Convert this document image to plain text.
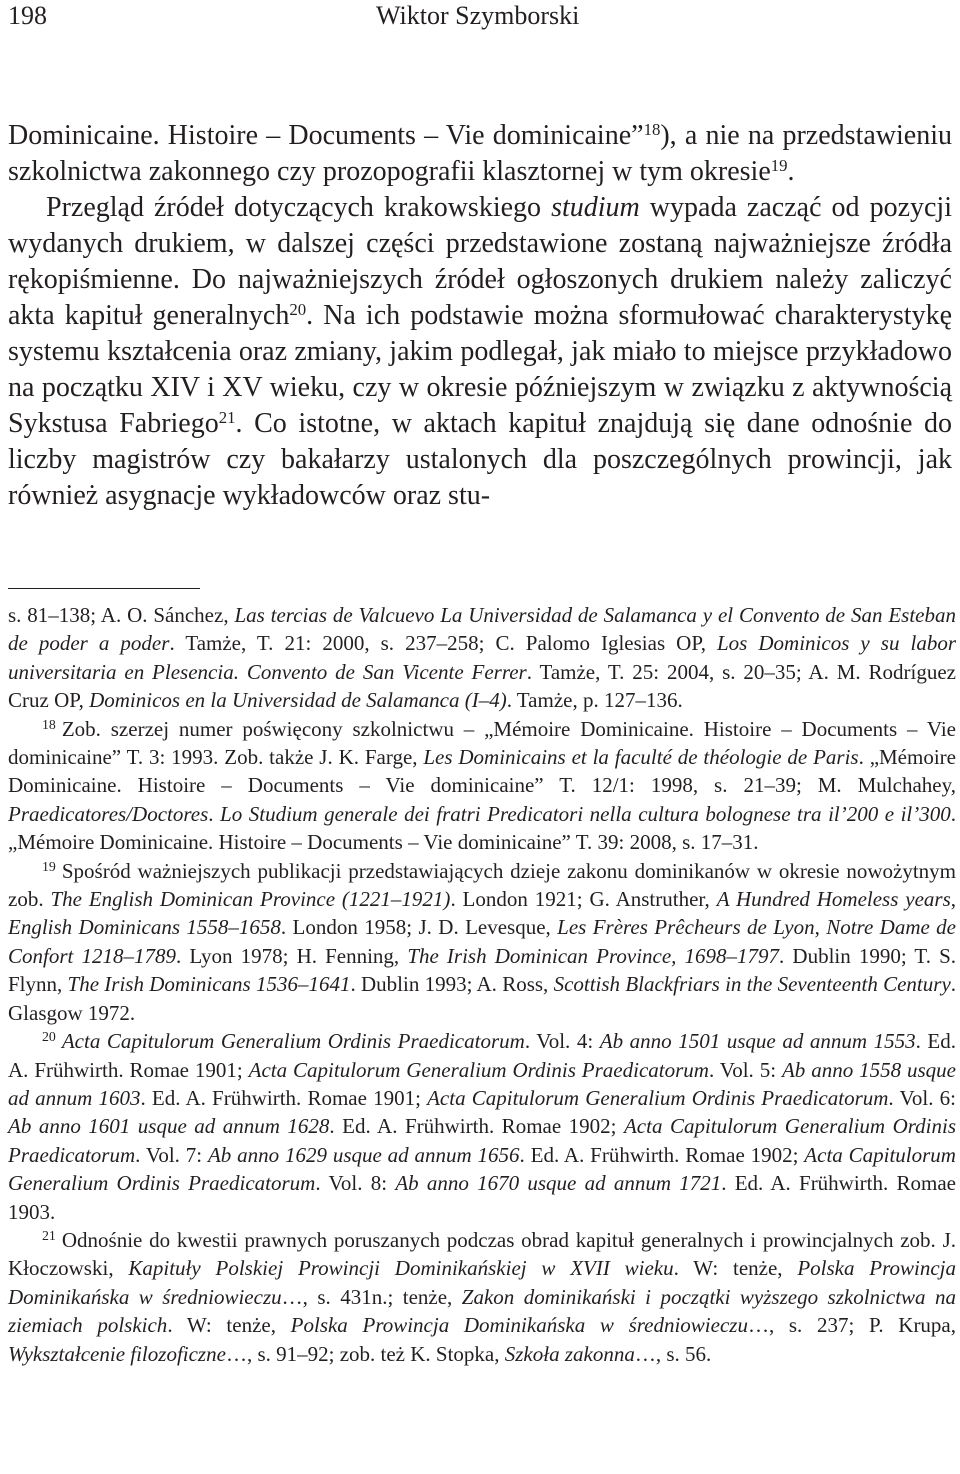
198	Wiktor Szymborski

Dominicaine. Histoire – Documents – Vie dominicaine”$^{18}$), a nie na przedstawieniu szkolnictwa zakonnego czy prozopografii klasztornej w tym okresie$^{19}$.

Przegląd źródeł dotyczących krakowskiego studium wypada zacząć od pozycji wydanych drukiem, w dalszej części przedstawione zostaną najważniejsze źródła rękopiśmienne. Do najważniejszych źródeł ogłoszonych drukiem należy zaliczyć akta kapituł generalnych$^{20}$. Na ich podstawie można sformułować charakterystykę systemu kształcenia oraz zmiany, jakim podlegał, jak miało to miejsce przykładowo na początku XIV i XV wieku, czy w okresie późniejszym w związku z aktywnością Sykstusa Fabriego$^{21}$. Co istotne, w aktach kapituł znajdują się dane odnośnie do liczby magistrów czy bakałarzy ustalonych dla poszczególnych prowincji, jak również asygnacje wykładowców oraz stu-

s. 81–138; A. O. Sánchez, Las tercias de Valcuevo La Universidad de Salamanca y el Convento de San Esteban de poder a poder. Tamże, T. 21: 2000, s. 237–258; C. Palomo Iglesias OP, Los Dominicos y su labor universitaria en Plesencia. Convento de San Vicente Ferrer. Tamże, T. 25: 2004, s. 20–35; A. M. Rodríguez Cruz OP, Dominicos en la Universidad de Salamanca (I–4). Tamże, p. 127–136.

18 Zob. szerzej numer poświęcony szkolnictwu – „Mémoire Dominicaine. Histoire – Documents – Vie dominicaine” T. 3: 1993. Zob. także J. K. Farge, Les Dominicains et la faculté de théologie de Paris. „Mémoire Dominicaine. Histoire – Documents – Vie dominicaine” T. 12/1: 1998, s. 21–39; M. Mulchahey, Praedicatores/Doctores. Lo Studium generale dei fratri Predicatori nella cultura bolognese tra il’200 e il’300. „Mémoire Dominicaine. Histoire – Documents – Vie dominicaine” T. 39: 2008, s. 17–31.

19 Spośród ważniejszych publikacji przedstawiających dzieje zakonu dominikanów w okresie nowożytnym zob. The English Dominican Province (1221–1921). London 1921; G. Anstruther, A Hundred Homeless years, English Dominicans 1558–1658. London 1958; J. D. Levesque, Les Frères Prêcheurs de Lyon, Notre Dame de Confort 1218–1789. Lyon 1978; H. Fenning, The Irish Dominican Province, 1698–1797. Dublin 1990; T. S. Flynn, The Irish Dominicans 1536–1641. Dublin 1993; A. Ross, Scottish Blackfriars in the Seventeenth Century. Glasgow 1972.

20 Acta Capitulorum Generalium Ordinis Praedicatorum. Vol. 4: Ab anno 1501 usque ad annum 1553. Ed. A. Frühwirth. Romae 1901; Acta Capitulorum Generalium Ordinis Praedicatorum. Vol. 5: Ab anno 1558 usque ad annum 1603. Ed. A. Frühwirth. Romae 1901; Acta Capitulorum Generalium Ordinis Praedicatorum. Vol. 6: Ab anno 1601 usque ad annum 1628. Ed. A. Frühwirth. Romae 1902; Acta Capitulorum Generalium Ordinis Praedicatorum. Vol. 7: Ab anno 1629 usque ad annum 1656. Ed. A. Frühwirth. Romae 1902; Acta Capitulorum Generalium Ordinis Praedicatorum. Vol. 8: Ab anno 1670 usque ad annum 1721. Ed. A. Frühwirth. Romae 1903.

21 Odnośnie do kwestii prawnych poruszanych podczas obrad kapituł generalnych i prowincjalnych zob. J. Kłoczowski, Kapituły Polskiej Prowincji Dominikańskiej w XVII wieku. W: tenże, Polska Prowincja Dominikańska w średniowieczu…, s. 431n.; tenże, Zakon dominikański i początki wyższego szkolnictwa na ziemiach polskich. W: tenże, Polska Prowincja Dominikańska w średniowieczu…, s. 237; P. Krupa, Wykształcenie filozoficzne…, s. 91–92; zob. też K. Stopka, Szkoła zakonna…, s. 56.
